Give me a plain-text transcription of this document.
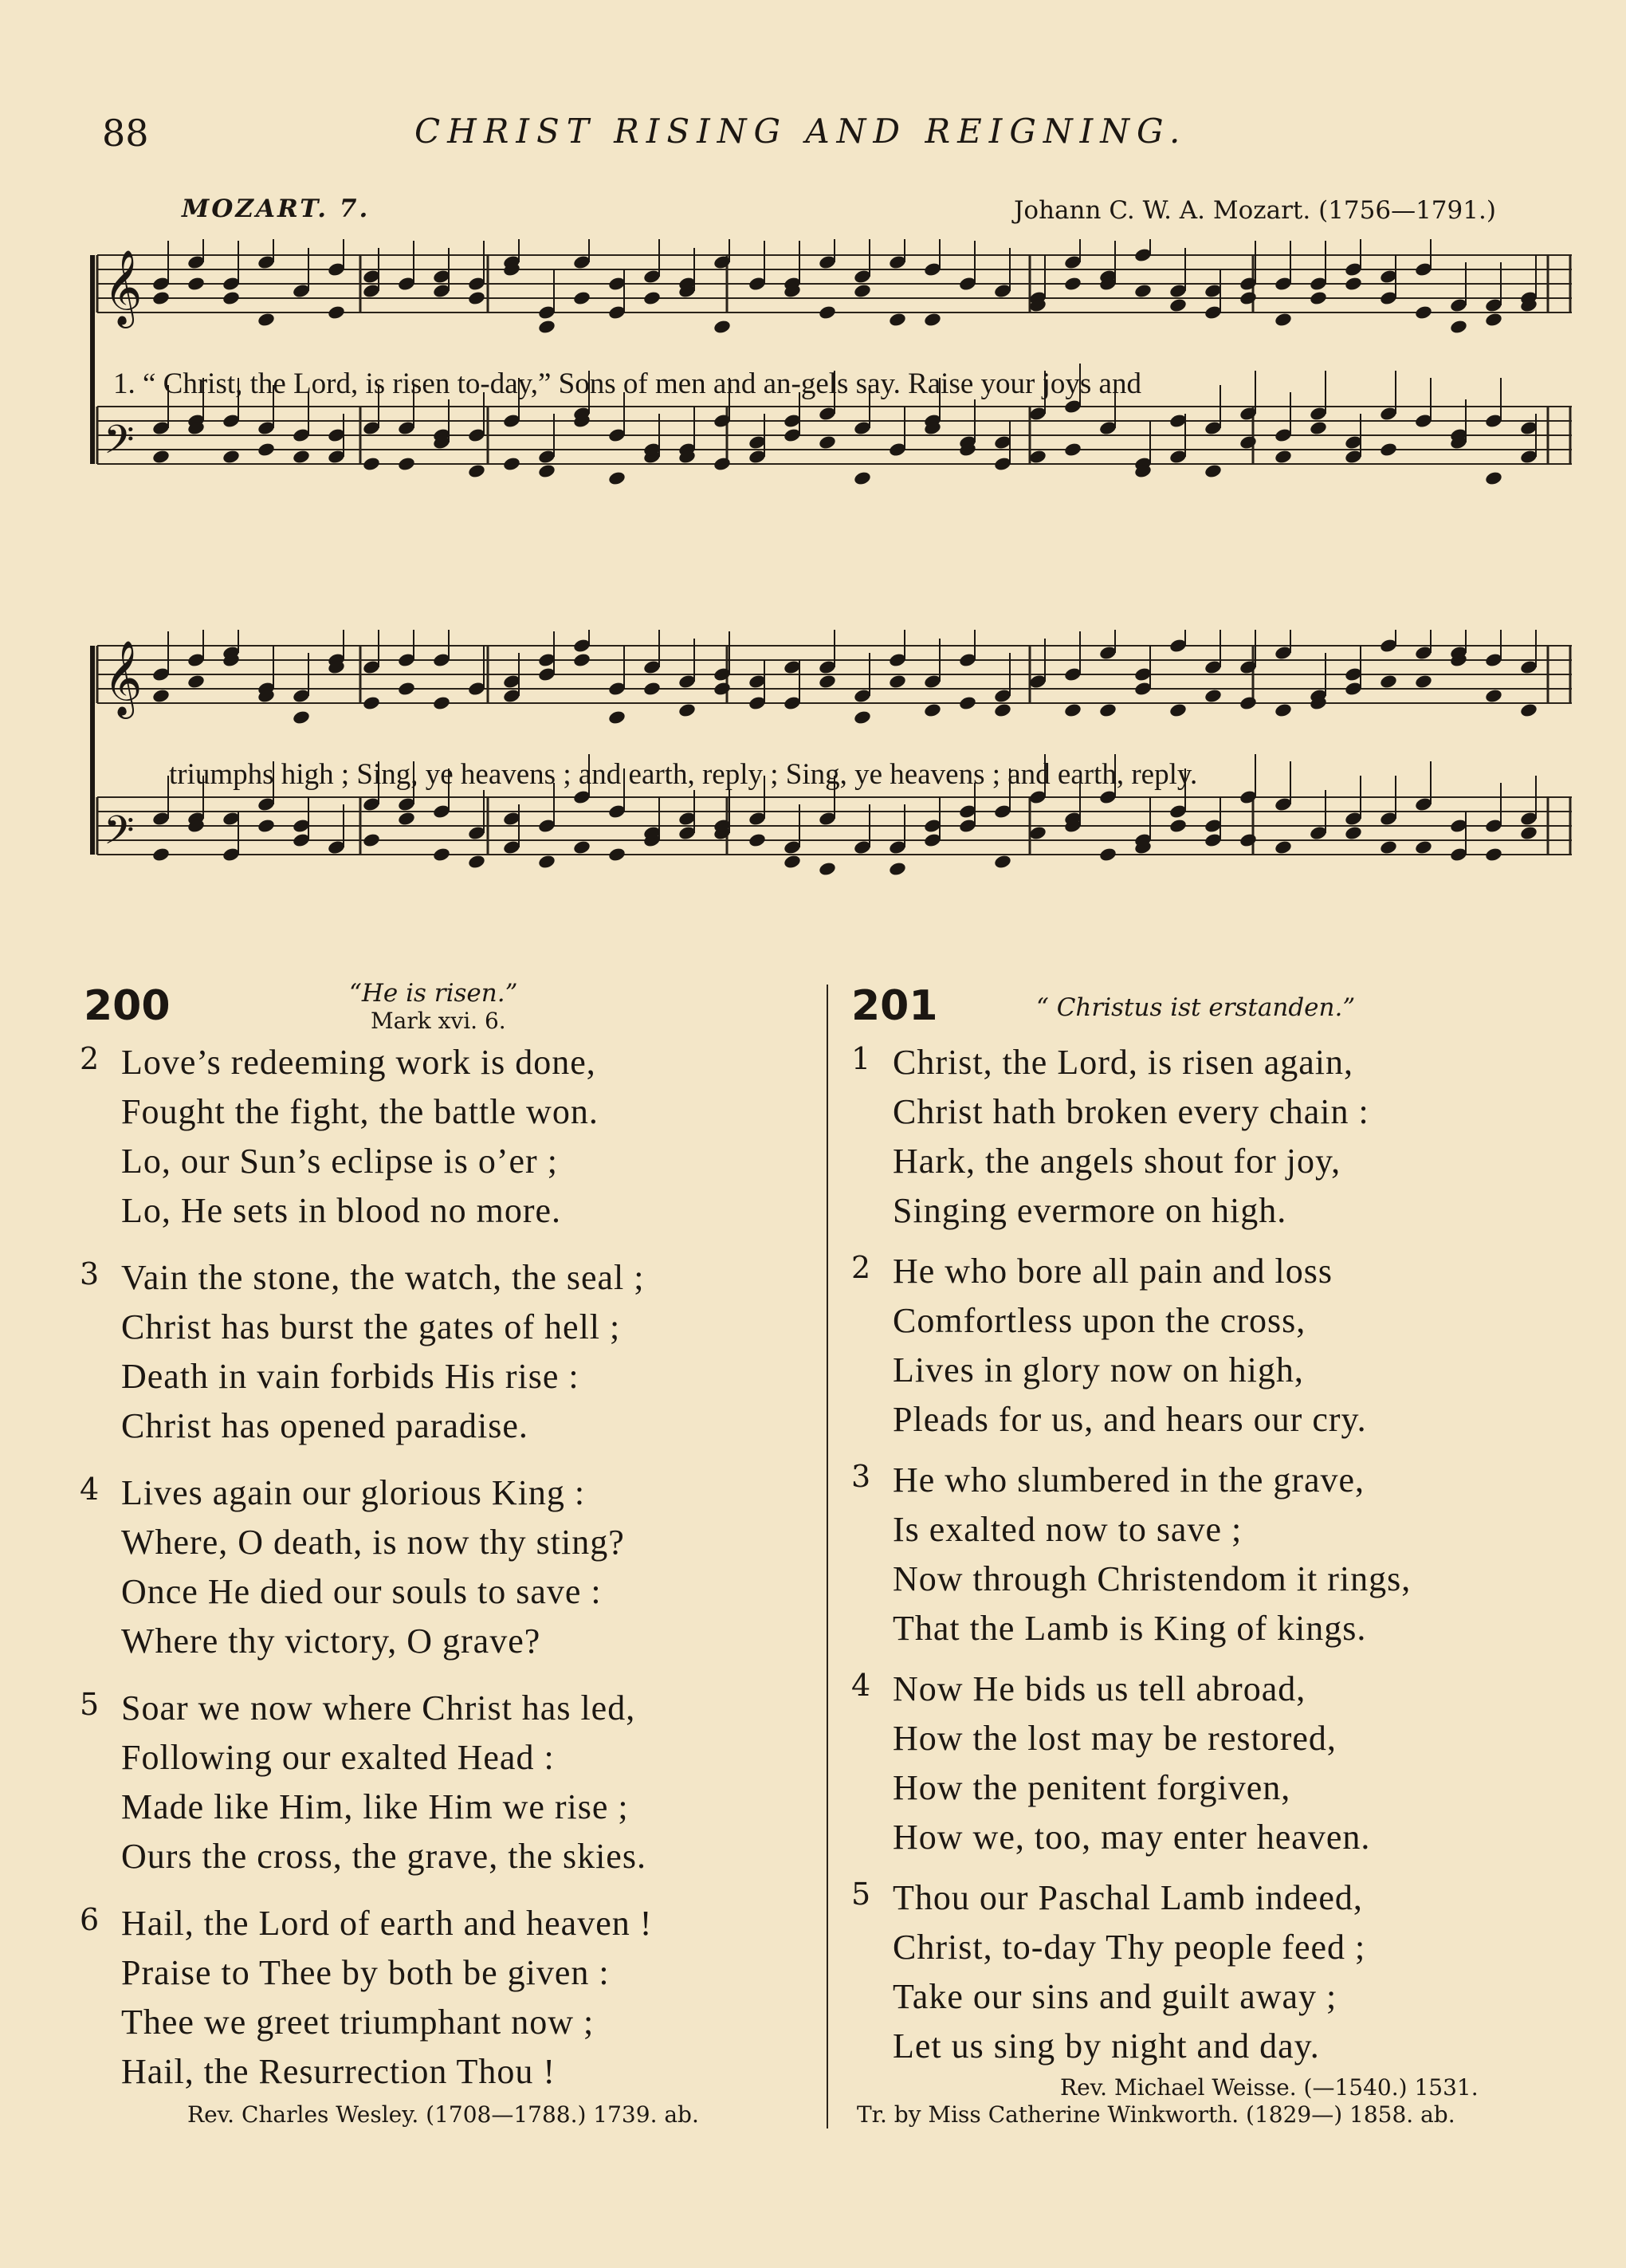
88	CHRIST RISING AND REIGNING.
MOZART. 7.	Johann C. W. A. Mozart. (1756—1791.)
𝄞
𝄢
1. “ Christ, the Lord, is risen to-day,” Sons of men and an-gels say. Raise your joys and
𝄞
𝄢
triumphs high ; Sing, ye heavens ; and earth, reply ; Sing, ye heavens ; and earth, reply.
200	“He is risen.”
Mark xvi. 6.
2 Love’s redeeming work is done,
Fought the fight, the battle won.
Lo, our Sun’s eclipse is o’er ;
Lo, He sets in blood no more.
3 Vain the stone, the watch, the seal ;
Christ has burst the gates of hell ;
Death in vain forbids His rise :
Christ has opened paradise.
4 Lives again our glorious King :
Where, O death, is now thy sting?
Once He died our souls to save :
Where thy victory, O grave?
5 Soar we now where Christ has led,
Following our exalted Head :
Made like Him, like Him we rise ;
Ours the cross, the grave, the skies.
6 Hail, the Lord of earth and heaven !
Praise to Thee by both be given :
Thee we greet triumphant now ;
Hail, the Resurrection Thou !
Rev. Charles Wesley. (1708—1788.) 1739. ab.
201	“ Christus ist erstanden.”
1 Christ, the Lord, is risen again,
Christ hath broken every chain :
Hark, the angels shout for joy,
Singing evermore on high.
2 He who bore all pain and loss
Comfortless upon the cross,
Lives in glory now on high,
Pleads for us, and hears our cry.
3 He who slumbered in the grave,
Is exalted now to save ;
Now through Christendom it rings,
That the Lamb is King of kings.
4 Now He bids us tell abroad,
How the lost may be restored,
How the penitent forgiven,
How we, too, may enter heaven.
5 Thou our Paschal Lamb indeed,
Christ, to-day Thy people feed ;
Take our sins and guilt away ;
Let us sing by night and day.
Rev. Michael Weisse. (—1540.) 1531.
Tr. by Miss Catherine Winkworth. (1829—) 1858. ab.
